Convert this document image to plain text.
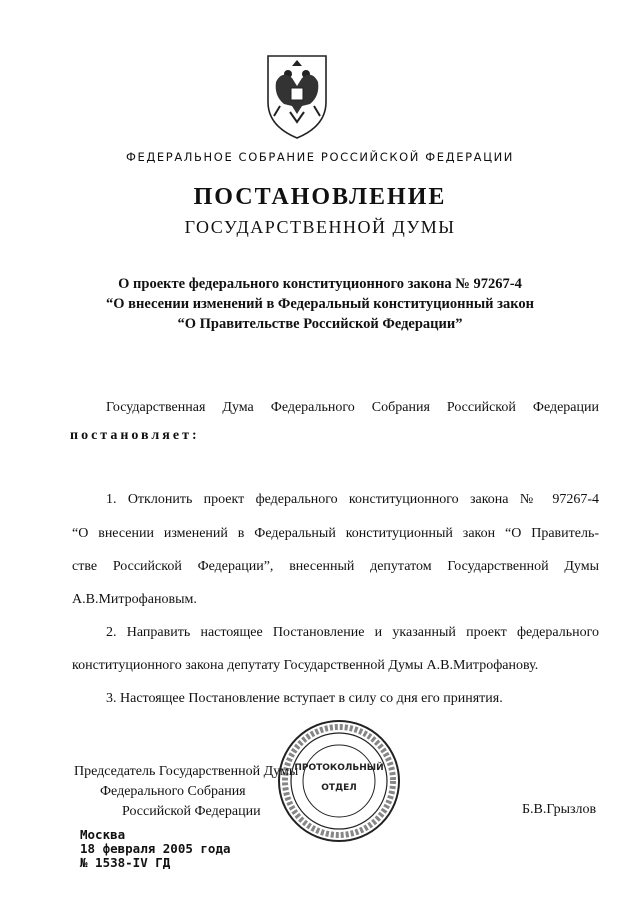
ФЕДЕРАЛЬНОЕ СОБРАНИЕ РОССИЙСКОЙ ФЕДЕРАЦИИ
ПОСТАНОВЛЕНИЕ
ГОСУДАРСТВЕННОЙ ДУМЫ
О проекте федерального конституционного закона № 97267-4
“О внесении изменений в Федеральный конституционный закон
“О Правительстве Российской Федерации”
Государственная Дума Федерального Собрания Российской Федерации
постановляет:
1. Отклонить проект федерального конституционного закона № 97267-4
“О внесении изменений в Федеральный конституционный закон “О Правитель-
стве Российской Федерации”, внесенный депутатом Государственной Думы
А.В.Митрофановым.
2. Направить настоящее Постановление и указанный проект федерального
конституционного закона депутату Государственной Думы А.В.Митрофанову.
3. Настоящее Постановление вступает в силу со дня его принятия.
Председатель Государственной Думы
Федерального Собрания
Российской Федерации
ПРОТОКОЛЬНЫЙ
ОТДЕЛ
Б.В.Грызлов
Москва
18 февраля 2005 года
№ 1538-IV ГД
